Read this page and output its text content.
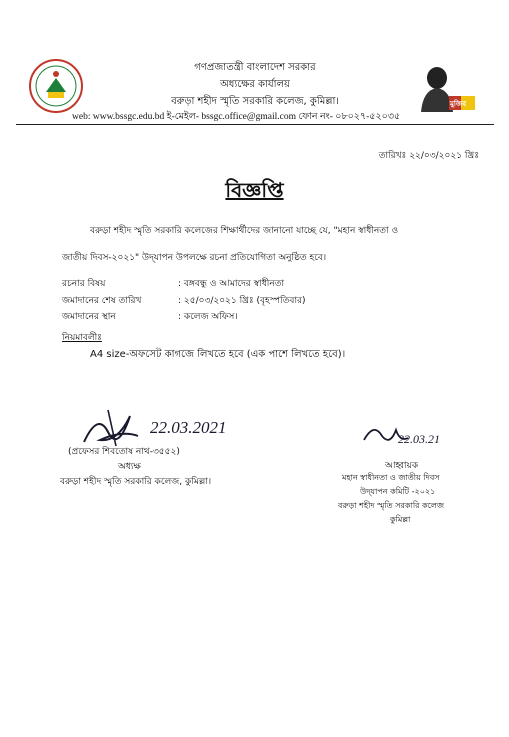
গণপ্রজাতন্ত্রী বাংলাদেশ সরকার
অধ্যক্ষের কার্যালয়
বরুড়া শহীদ স্মৃতি সরকারি কলেজ, কুমিল্লা।	মুজিব
web: www.bssgc.edu.bd ই-মেইল- bssgc.office@gmail.com ফোন নং- ০৮০২৭-৫২০৩৫
তারিখঃ ২২/০৩/২০২১ খ্রিঃ
বিজ্ঞপ্তি
বরুড়া শহীদ স্মৃতি সরকারি কলেজের শিক্ষার্থীদের জানানো যাচ্ছে যে, "মহান স্বাধীনতা ও
জাতীয় দিবস-২০২১" উদ্‌যাপন উপলক্ষে রচনা প্রতিযোগিতা অনুষ্ঠিত হবে।
রচনার বিষয়	: বঙ্গবন্ধু ও আমাদের স্বাধীনতা
জমাদানের শেষ তারিখ	: ২৫/০৩/২০২১ খ্রিঃ (বৃহস্পতিবার)
জমাদানের স্থান	: কলেজ অফিস।
নিয়মাবলীঃ
A4 size-অফসেট কাগজে লিখতে হবে (এক পাশে লিখতে হবে)।
22.03.2021
(প্রফেসর শিবতোষ নাথ-৩৫৫২)
অধ্যক্ষ
বরুড়া শহীদ স্মৃতি সরকারি কলেজ, কুমিল্লা।
22.03.21
আহ্বায়ক
মহান স্বাধীনতা ও জাতীয় দিবস
উদ্‌যাপন কমিটি -২০২১
বরুড়া শহীদ স্মৃতি সরকারি কলেজ
কুমিল্লা
